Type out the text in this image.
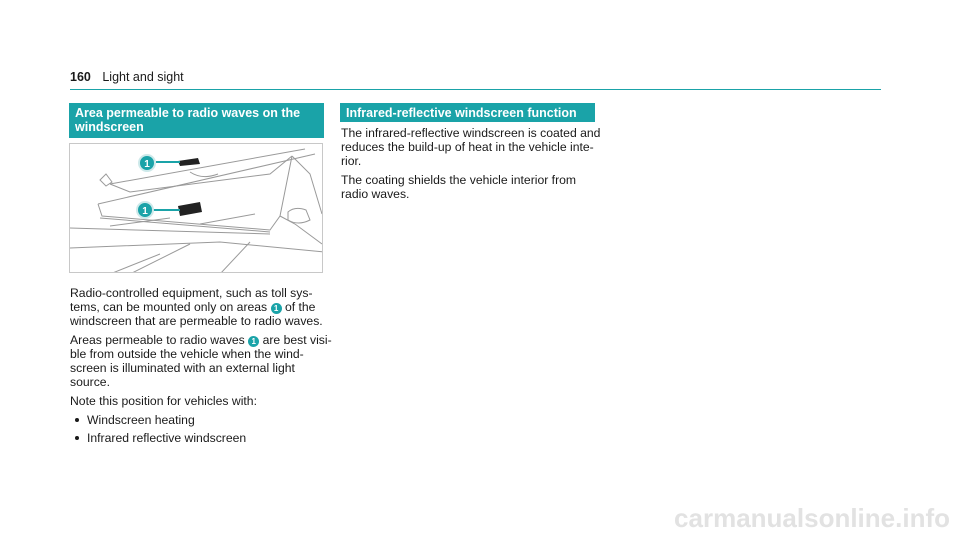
160 Light and sight
Area permeable to radio waves on the windscreen
1
1

Radio-controlled equipment, such as toll systems, can be mounted only on areas 1 of the windscreen that are permeable to radio waves.

Areas permeable to radio waves 1 are best visible from outside the vehicle when the windscreen is illuminated with an external light source.

Note this position for vehicles with:

Windscreen heating
Infrared reflective windscreen
Infrared-reflective windscreen function

The infrared-reflective windscreen is coated and reduces the build-up of heat in the vehicle interior.

The coating shields the vehicle interior from radio waves.

carmanualsonline.info
